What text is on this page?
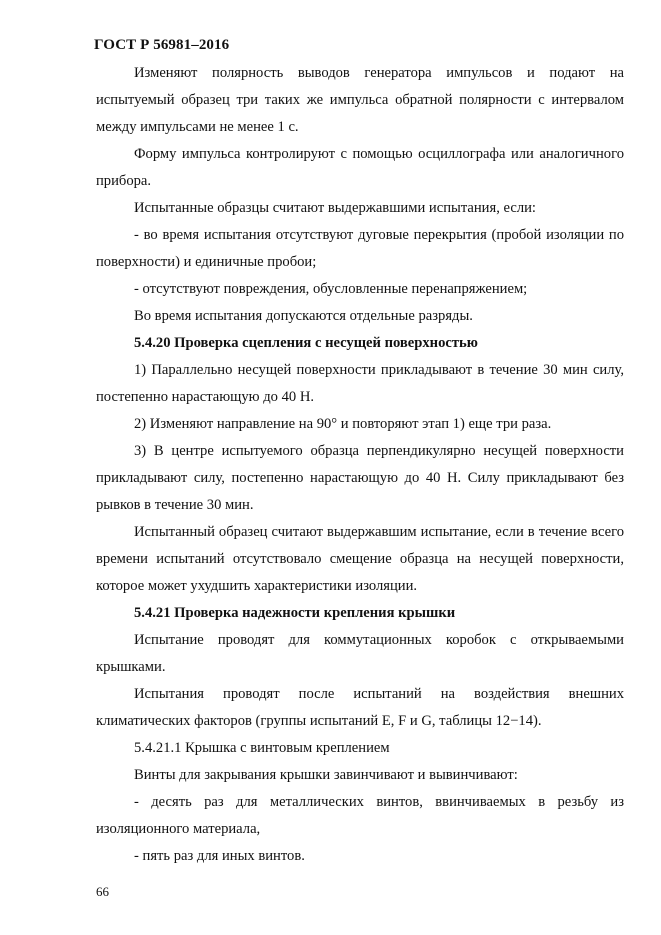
ГОСТ Р 56981–2016

Изменяют полярность выводов генератора импульсов и подают на испытуемый образец три таких же импульса обратной полярности с интервалом между импульсами не менее 1 с.

Форму импульса контролируют с помощью осциллографа или аналогичного прибора.

Испытанные образцы считают выдержавшими испытания, если:

- во время испытания отсутствуют дуговые перекрытия (пробой изоляции по поверхности) и единичные пробои;

- отсутствуют повреждения, обусловленные перенапряжением;

Во время испытания допускаются отдельные разряды.

5.4.20 Проверка сцепления с несущей поверхностью

1) Параллельно несущей поверхности прикладывают в течение 30 мин силу, постепенно нарастающую до 40 Н.

2) Изменяют направление на 90° и повторяют этап 1) еще три раза.

3) В центре испытуемого образца перпендикулярно несущей поверхности прикладывают силу, постепенно нарастающую до 40 Н. Силу прикладывают без рывков в течение 30 мин.

Испытанный образец считают выдержавшим испытание, если в течение всего времени испытаний отсутствовало смещение образца на несущей поверхности, которое может ухудшить характеристики изоляции.

5.4.21 Проверка надежности крепления крышки

Испытание проводят для коммутационных коробок с открываемыми крышками.

Испытания проводят после испытаний на воздействия внешних климатических факторов (группы испытаний E, F и G, таблицы 12−14).

5.4.21.1 Крышка с винтовым креплением

Винты для закрывания крышки завинчивают и вывинчивают:

- десять раз для металлических винтов, ввинчиваемых в резьбу из изоляционного материала,

- пять раз для иных винтов.

66
